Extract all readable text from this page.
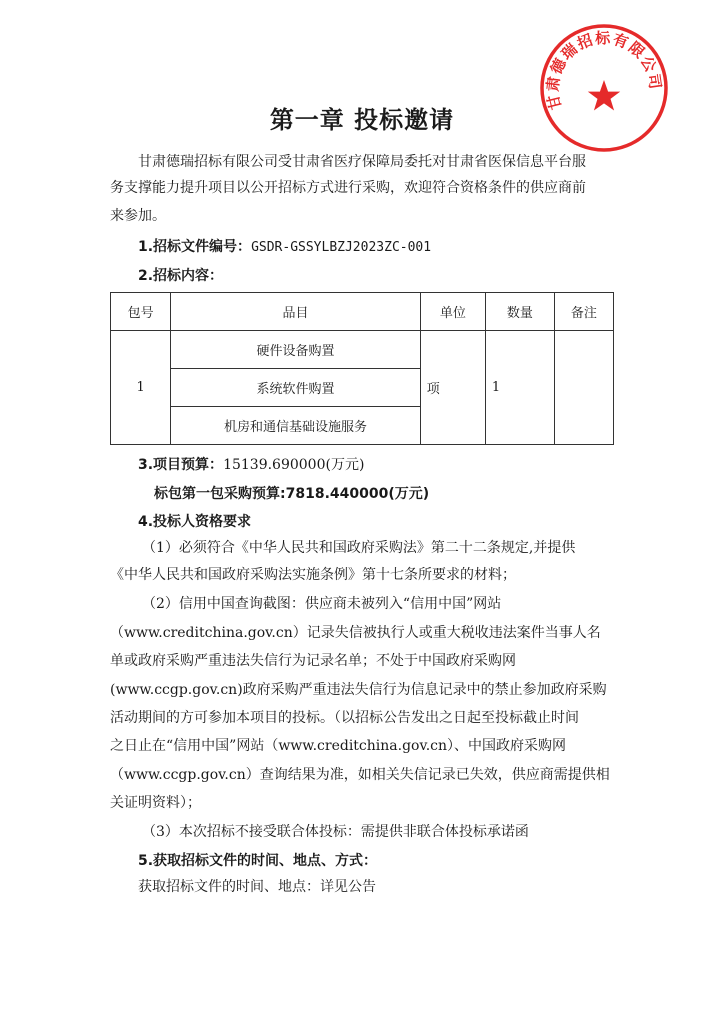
第一章 投标邀请
甘肃德瑞招标有限公司受甘肃省医疗保障局委托对甘肃省医保信息平台服
务支撑能力提升项目以公开招标方式进行采购，欢迎符合资格条件的供应商前
来参加。
1.招标文件编号：GSDR-GSSYLBZJ2023ZC-001
2.招标内容：
包号	品目	单位	数量	备注
1	硬件设备购置	项	1	
	系统软件购置			
	机房和通信基础设施服务			
3.项目预算：15139.690000(万元)
标包第一包采购预算:7818.440000(万元)
4.投标人资格要求
（1）必须符合《中华人民共和国政府采购法》第二十二条规定,并提供
《中华人民共和国政府采购法实施条例》第十七条所要求的材料；
（2）信用中国查询截图：供应商未被列入“信用中国”网站
（www.creditchina.gov.cn）记录失信被执行人或重大税收违法案件当事人名
单或政府采购严重违法失信行为记录名单；不处于中国政府采购网
(www.ccgp.gov.cn)政府采购严重违法失信行为信息记录中的禁止参加政府采购
活动期间的方可参加本项目的投标。（以招标公告发出之日起至投标截止时间
之日止在“信用中国”网站（www.creditchina.gov.cn）、中国政府采购网
（www.ccgp.gov.cn）查询结果为准，如相关失信记录已失效，供应商需提供相
关证明资料）；
（3）本次招标不接受联合体投标：需提供非联合体投标承诺函
5.获取招标文件的时间、地点、方式：
获取招标文件的时间、地点：详见公告
甘肃德瑞招标有限公司
